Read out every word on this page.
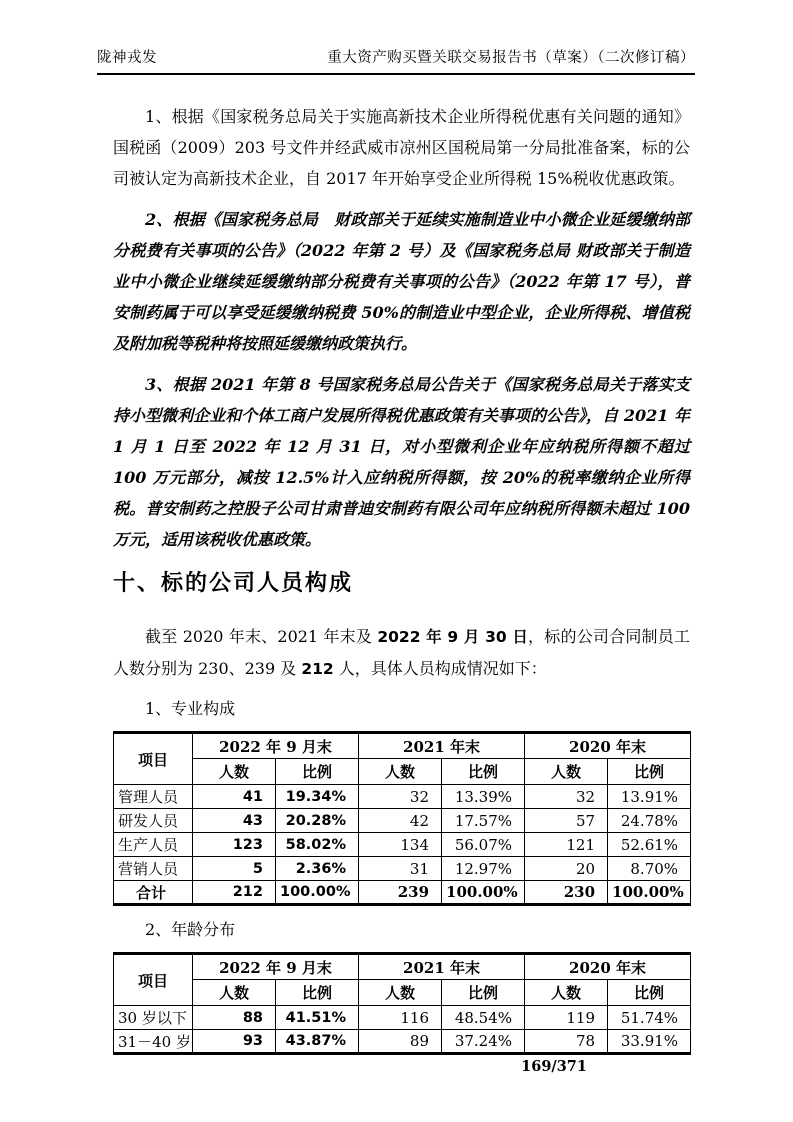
陇神戎发	重大资产购买暨关联交易报告书（草案）（二次修订稿）

1、根据《国家税务总局关于实施高新技术企业所得税优惠有关问题的通知》国税函（2009）203 号文件并经武威市凉州区国税局第一分局批准备案，标的公司被认定为高新技术企业，自 2017 年开始享受企业所得税 15%税收优惠政策。

2、根据《国家税务总局　财政部关于延续实施制造业中小微企业延缓缴纳部分税费有关事项的公告》（2022 年第 2 号）及《国家税务总局 财政部关于制造业中小微企业继续延缓缴纳部分税费有关事项的公告》（2022 年第 17 号），普安制药属于可以享受延缓缴纳税费 50%的制造业中型企业，企业所得税、增值税及附加税等税种将按照延缓缴纳政策执行。

3、根据 2021 年第 8 号国家税务总局公告关于《国家税务总局关于落实支持小型微利企业和个体工商户发展所得税优惠政策有关事项的公告》，自 2021 年 1 月 1 日至 2022 年 12 月 31 日，对小型微利企业年应纳税所得额不超过 100 万元部分，减按 12.5%计入应纳税所得额，按 20%的税率缴纳企业所得税。普安制药之控股子公司甘肃普迪安制药有限公司年应纳税所得额未超过 100 万元，适用该税收优惠政策。

十、标的公司人员构成

截至 2020 年末、2021 年末及 2022 年 9 月 30 日，标的公司合同制员工人数分别为 230、239 及 212 人，具体人员构成情况如下：

1、专业构成

项目	2022 年 9 月末		2021 年末		2020 年末	
	人数	比例	人数	比例	人数	比例
管理人员	41	19.34%	32	13.39%	32	13.91%
研发人员	43	20.28%	42	17.57%	57	24.78%
生产人员	123	58.02%	134	56.07%	121	52.61%
营销人员	5	2.36%	31	12.97%	20	8.70%
合计	212	100.00%	239	100.00%	230	100.00%

2、年龄分布

项目	2022 年 9 月末		2021 年末		2020 年末	
	人数	比例	人数	比例	人数	比例
30 岁以下	88	41.51%	116	48.54%	119	51.74%
31－40 岁	93	43.87%	89	37.24%	78	33.91%
169/371
